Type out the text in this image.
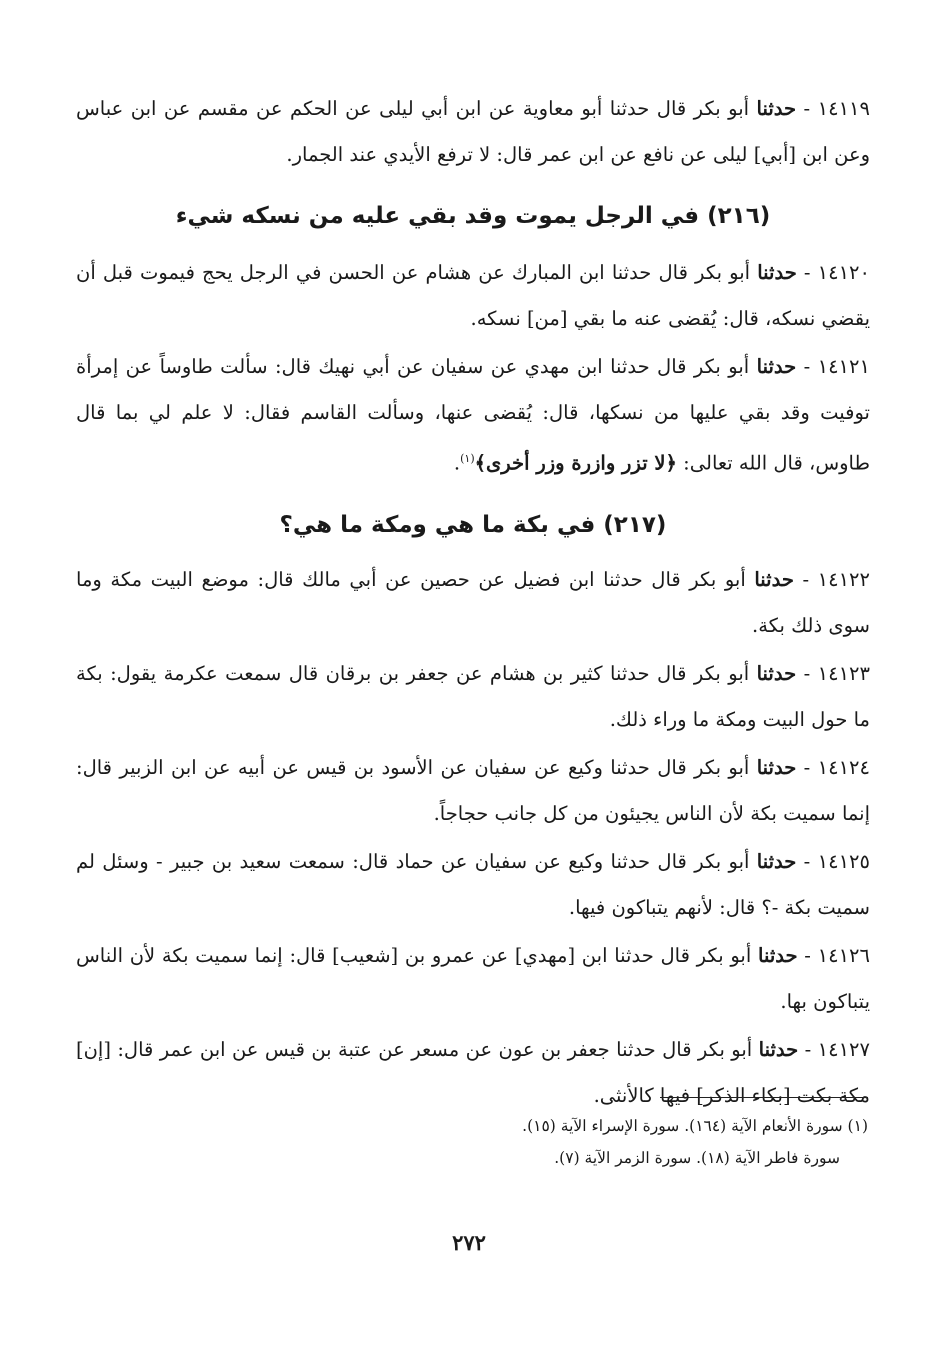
١٤١١٩ - حدثنا أبو بكر قال حدثنا أبو معاوية عن ابن أبي ليلى عن الحكم عن مقسم عن ابن عباس وعن ابن [أبي] ليلى عن نافع عن ابن عمر قال: لا ترفع الأيدي عند الجمار.

(٢١٦) في الرجل يموت وقد بقي عليه من نسكه شيء

١٤١٢٠ - حدثنا أبو بكر قال حدثنا ابن المبارك عن هشام عن الحسن في الرجل يحج فيموت قبل أن يقضي نسكه، قال: يُقضى عنه ما بقي [من] نسكه.

١٤١٢١ - حدثنا أبو بكر قال حدثنا ابن مهدي عن سفيان عن أبي نهيك قال: سألت طاوساً عن إمرأة توفيت وقد بقي عليها من نسكها، قال: يُقضى عنها، وسألت القاسم فقال: لا علم لي بما قال طاوس، قال الله تعالى: ﴿لا تزر وازرة وزر أخرى﴾$^{(١)}$.

(٢١٧) في بكة ما هي ومكة ما هي؟

١٤١٢٢ - حدثنا أبو بكر قال حدثنا ابن فضيل عن حصين عن أبي مالك قال: موضع البيت مكة وما سوى ذلك بكة.

١٤١٢٣ - حدثنا أبو بكر قال حدثنا كثير بن هشام عن جعفر بن برقان قال سمعت عكرمة يقول: بكة ما حول البيت ومكة ما وراء ذلك.

١٤١٢٤ - حدثنا أبو بكر قال حدثنا وكيع عن سفيان عن الأسود بن قيس عن أبيه عن ابن الزبير قال: إنما سميت بكة لأن الناس يجيئون من كل جانب حجاجاً.

١٤١٢٥ - حدثنا أبو بكر قال حدثنا وكيع عن سفيان عن حماد قال: سمعت سعيد بن جبير - وسئل لم سميت بكة -؟ قال: لأنهم يتباكون فيها.

١٤١٢٦ - حدثنا أبو بكر قال حدثنا ابن [مهدي] عن عمرو بن [شعيب] قال: إنما سميت بكة لأن الناس يتباكون بها.

١٤١٢٧ - حدثنا أبو بكر قال حدثنا جعفر بن عون عن مسعر عن عتبة بن قيس عن ابن عمر قال: [إن] مكة بكت [بكاء الذكر] فيها كالأنثى.

(١) سورة الأنعام الآية (١٦٤). سورة الإسراء الآية (١٥).
سورة فاطر الآية (١٨). سورة الزمر الآية (٧).
٢٧٢
